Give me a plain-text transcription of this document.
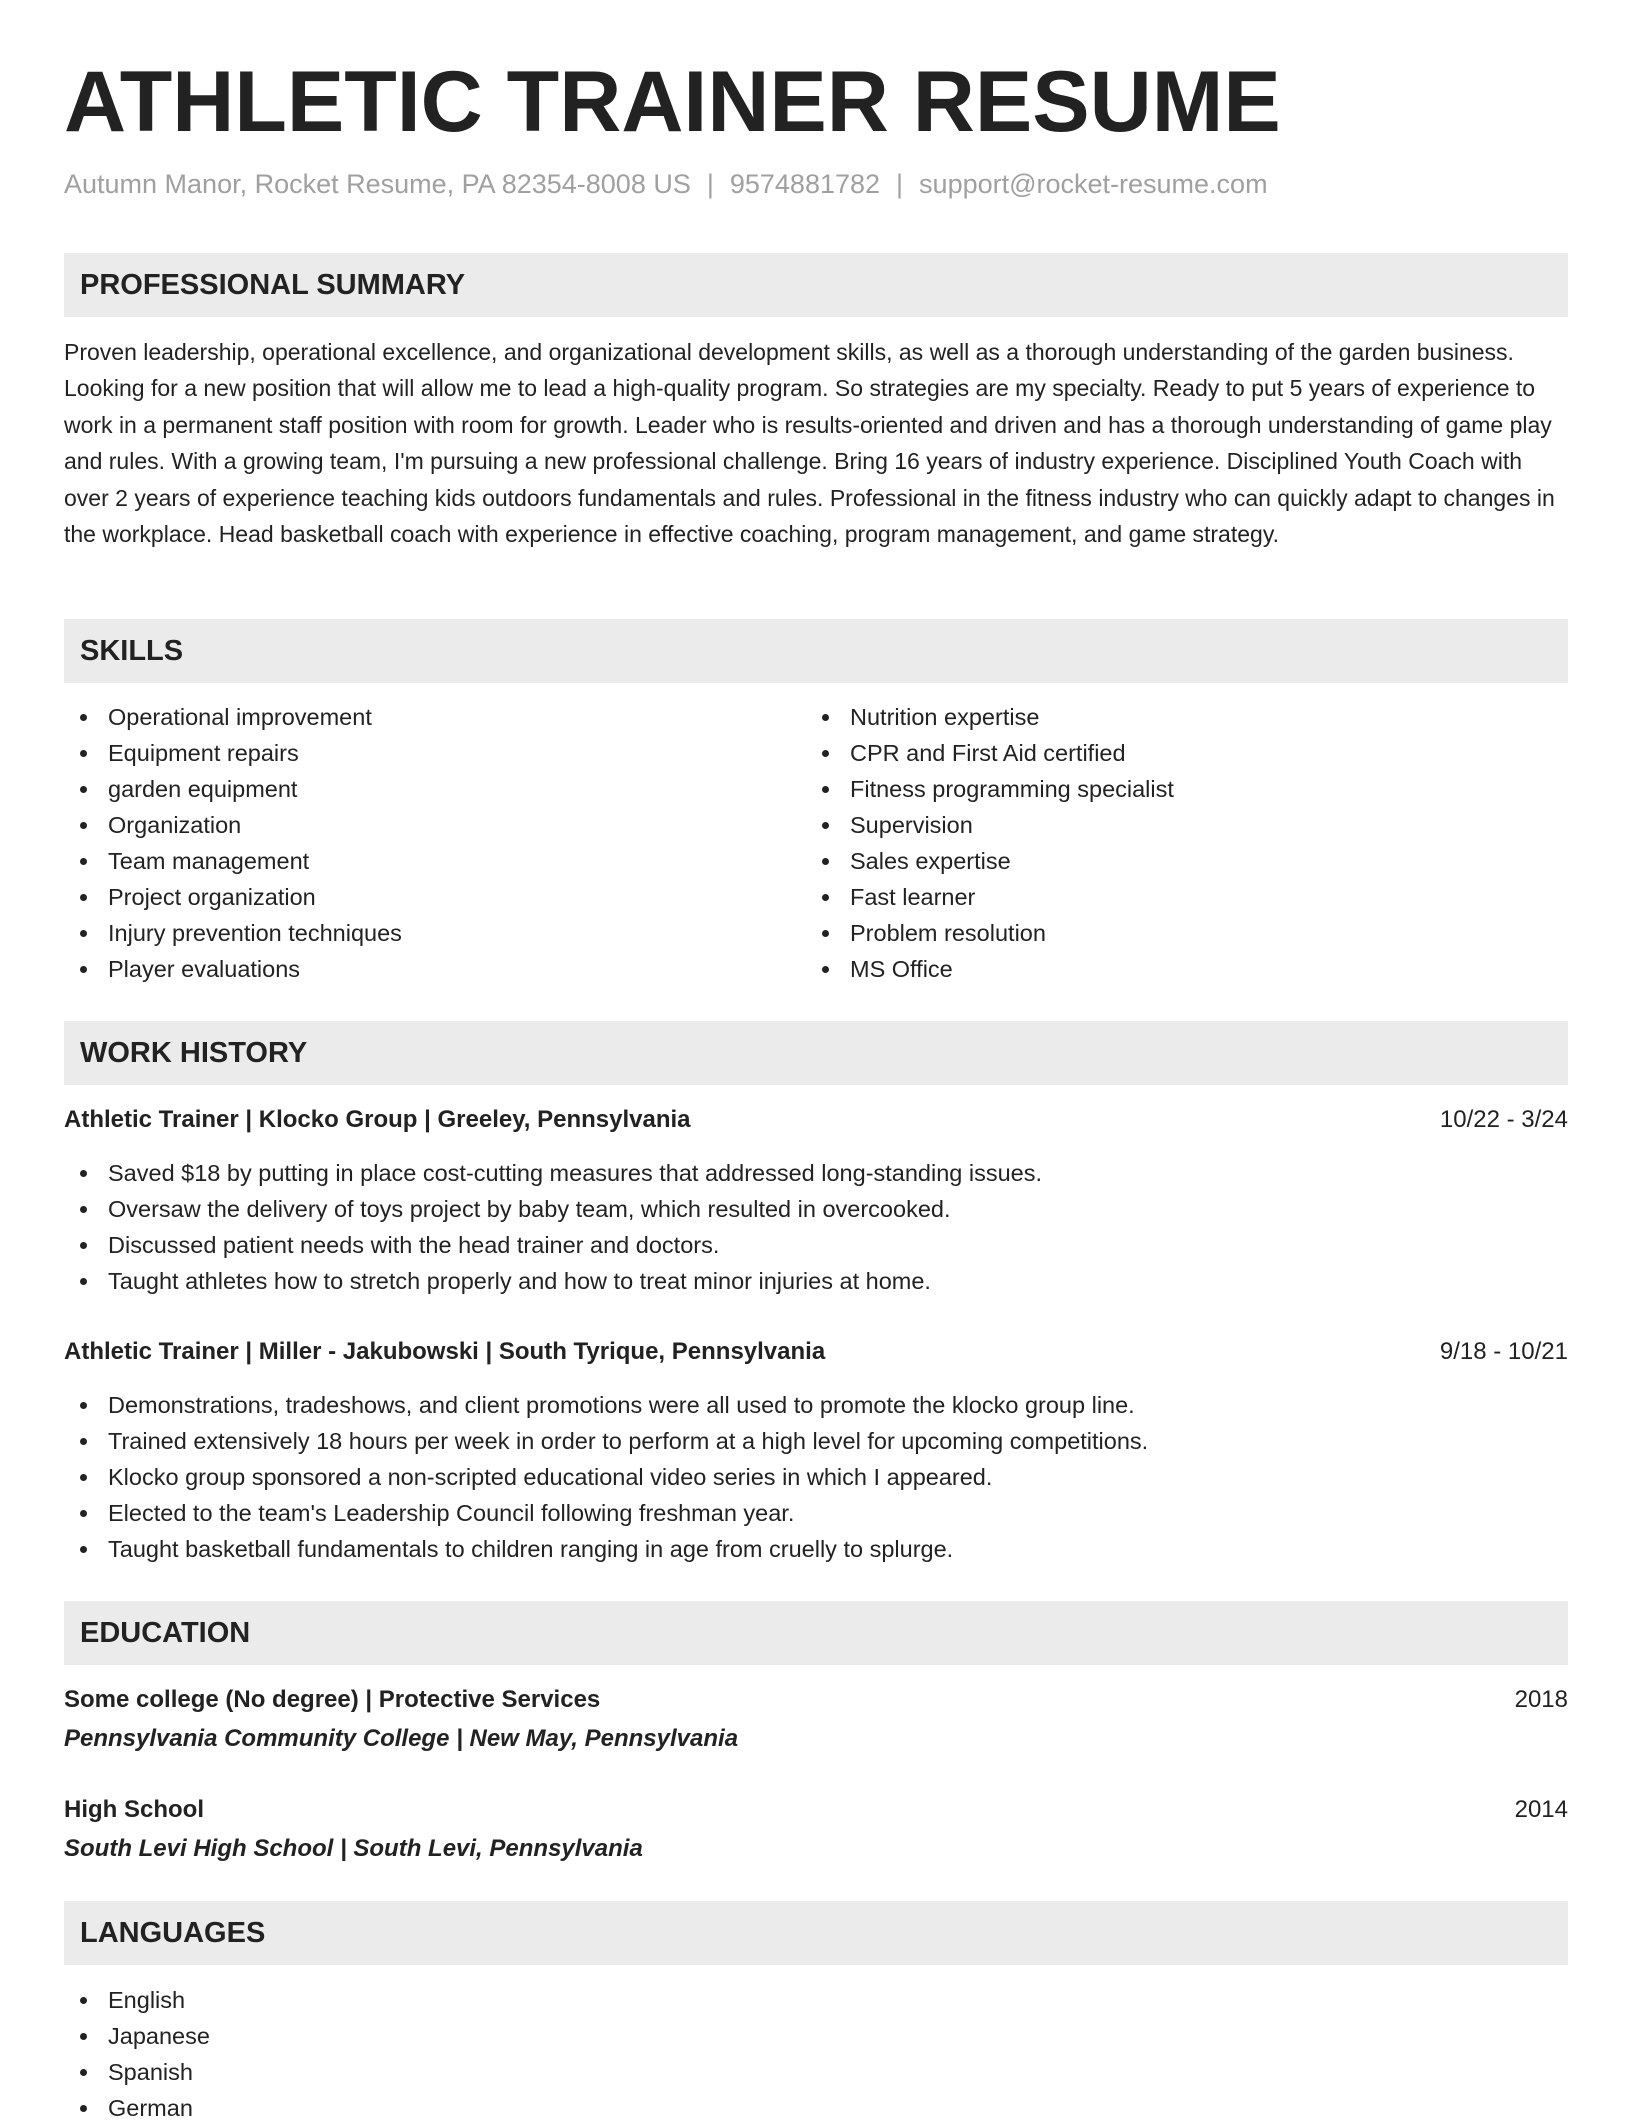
ATHLETIC TRAINER RESUME
Autumn Manor, Rocket Resume, PA 82354-8008 US | 9574881782 | support@rocket-resume.com
PROFESSIONAL SUMMARY
Proven leadership, operational excellence, and organizational development skills, as well as a thorough understanding of the garden business. Looking for a new position that will allow me to lead a high-quality program. So strategies are my specialty. Ready to put 5 years of experience to work in a permanent staff position with room for growth. Leader who is results-oriented and driven and has a thorough understanding of game play and rules. With a growing team, I'm pursuing a new professional challenge. Bring 16 years of industry experience. Disciplined Youth Coach with over 2 years of experience teaching kids outdoors fundamentals and rules. Professional in the fitness industry who can quickly adapt to changes in the workplace. Head basketball coach with experience in effective coaching, program management, and game strategy.
SKILLS
Operational improvement
Equipment repairs
garden equipment
Organization
Team management
Project organization
Injury prevention techniques
Player evaluations
Nutrition expertise
CPR and First Aid certified
Fitness programming specialist
Supervision
Sales expertise
Fast learner
Problem resolution
MS Office
WORK HISTORY
Athletic Trainer | Klocko Group | Greeley, Pennsylvania	10/22 - 3/24
Saved $18 by putting in place cost-cutting measures that addressed long-standing issues.
Oversaw the delivery of toys project by baby team, which resulted in overcooked.
Discussed patient needs with the head trainer and doctors.
Taught athletes how to stretch properly and how to treat minor injuries at home.
Athletic Trainer | Miller - Jakubowski | South Tyrique, Pennsylvania	9/18 - 10/21
Demonstrations, tradeshows, and client promotions were all used to promote the klocko group line.
Trained extensively 18 hours per week in order to perform at a high level for upcoming competitions.
Klocko group sponsored a non-scripted educational video series in which I appeared.
Elected to the team's Leadership Council following freshman year.
Taught basketball fundamentals to children ranging in age from cruelly to splurge.
EDUCATION
Some college (No degree) | Protective Services	2018
Pennsylvania Community College | New May, Pennsylvania
High School	2014
South Levi High School | South Levi, Pennsylvania
LANGUAGES
English
Japanese
Spanish
German
